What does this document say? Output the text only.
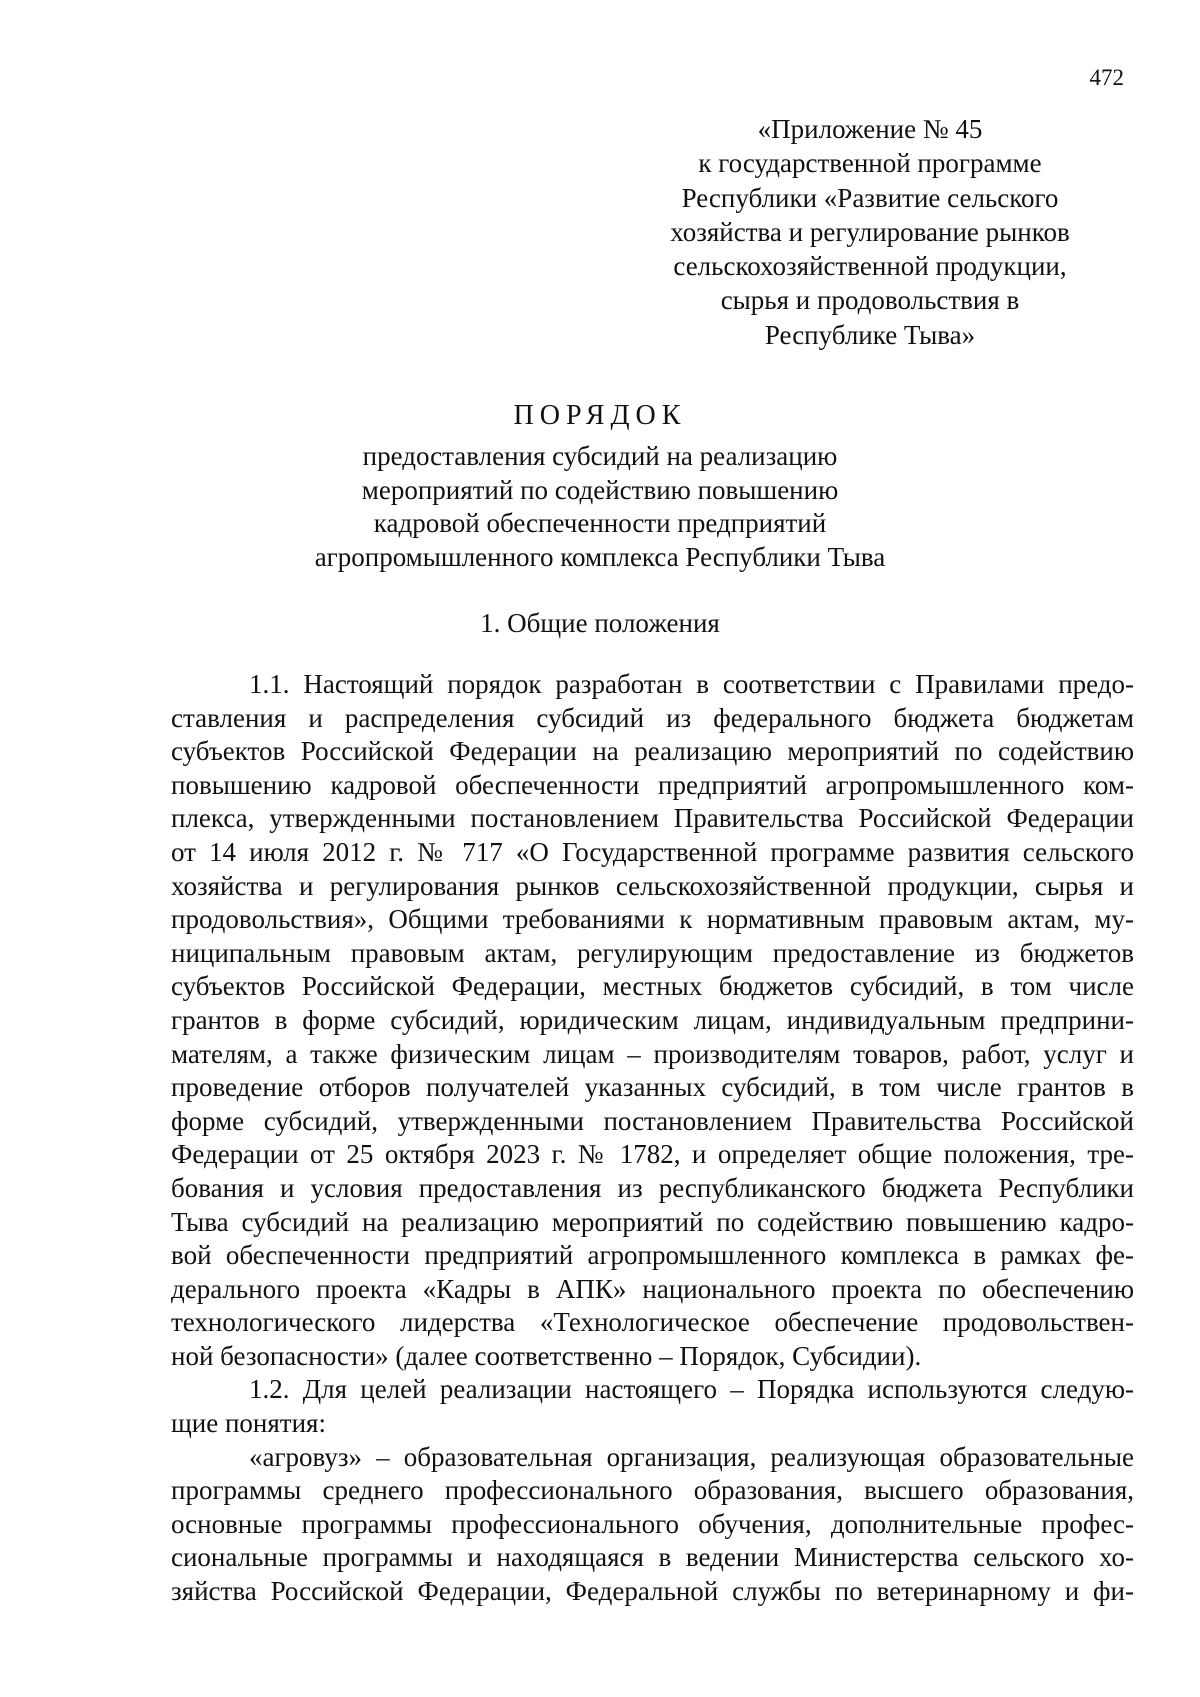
472
«Приложение № 45
к государственной программе
Республики «Развитие сельского
хозяйства и регулирование рынков
сельскохозяйственной продукции,
сырья и продовольствия в
Республике Тыва»
ПОРЯДОК
предоставления субсидий на реализацию
мероприятий по содействию повышению
кадровой обеспеченности предприятий
агропромышленного комплекса Республики Тыва
1. Общие положения
1.1. Настоящий порядок разработан в соответствии с Правилами предо-
ставления и распределения субсидий из федерального бюджета бюджетам
субъектов Российской Федерации на реализацию мероприятий по содействию
повышению кадровой обеспеченности предприятий агропромышленного ком-
плекса, утвержденными постановлением Правительства Российской Федерации
от 14 июля 2012 г. № 717 «О Государственной программе развития сельского
хозяйства и регулирования рынков сельскохозяйственной продукции, сырья и
продовольствия», Общими требованиями к нормативным правовым актам, му-
ниципальным правовым актам, регулирующим предоставление из бюджетов
субъектов Российской Федерации, местных бюджетов субсидий, в том числе
грантов в форме субсидий, юридическим лицам, индивидуальным предприни-
мателям, а также физическим лицам – производителям товаров, работ, услуг и
проведение отборов получателей указанных субсидий, в том числе грантов в
форме субсидий, утвержденными постановлением Правительства Российской
Федерации от 25 октября 2023 г. № 1782, и определяет общие положения, тре-
бования и условия предоставления из республиканского бюджета Республики
Тыва субсидий на реализацию мероприятий по содействию повышению кадро-
вой обеспеченности предприятий агропромышленного комплекса в рамках фе-
дерального проекта «Кадры в АПК» национального проекта по обеспечению
технологического лидерства «Технологическое обеспечение продовольствен-
ной безопасности» (далее соответственно – Порядок, Субсидии).
1.2. Для целей реализации настоящего – Порядка используются следую-
щие понятия:
«агровуз» – образовательная организация, реализующая образовательные
программы среднего профессионального образования, высшего образования,
основные программы профессионального обучения, дополнительные профес-
сиональные программы и находящаяся в ведении Министерства сельского хо-
зяйства Российской Федерации, Федеральной службы по ветеринарному и фи-
